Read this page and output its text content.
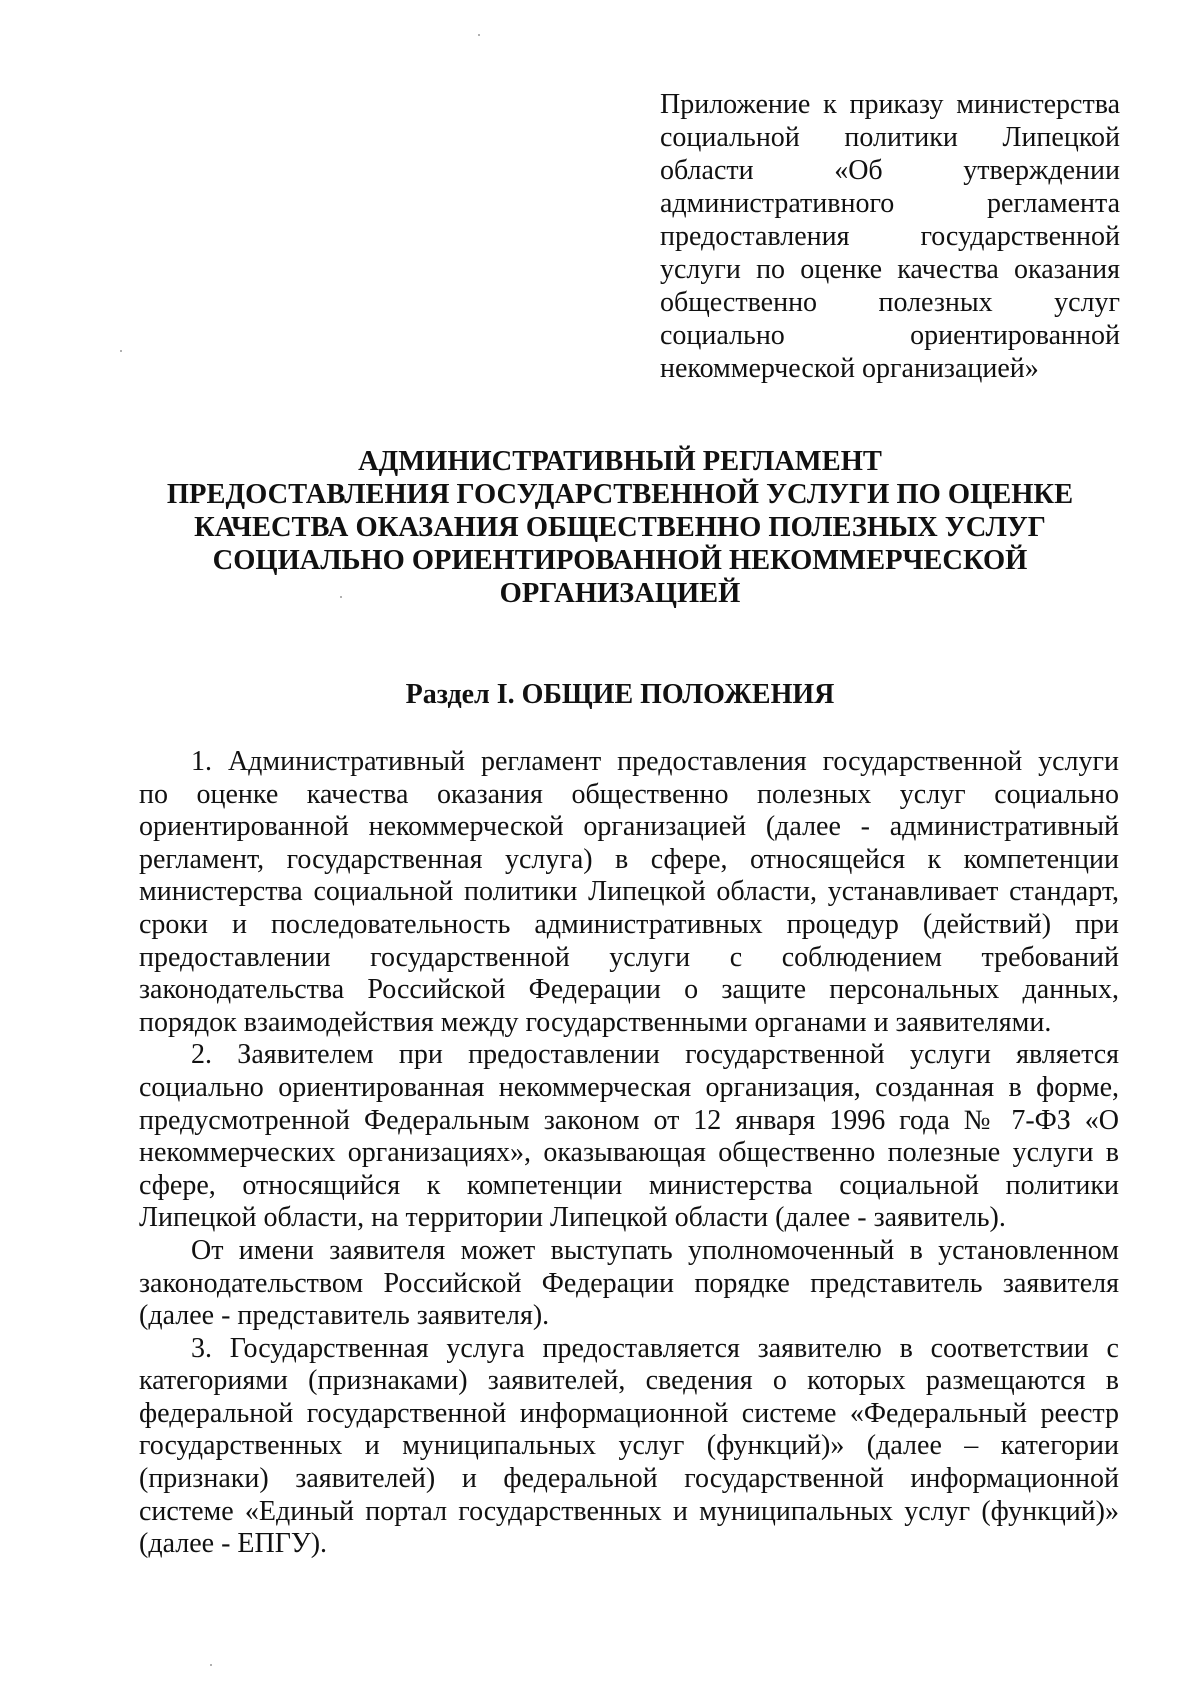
Приложение к приказу министерства
социальной политики Липецкой
области «Об утверждении
административного регламента
предоставления государственной
услуги по оценке качества оказания
общественно полезных услуг
социально ориентированной
некоммерческой организацией»
АДМИНИСТРАТИВНЫЙ РЕГЛАМЕНТ
ПРЕДОСТАВЛЕНИЯ ГОСУДАРСТВЕННОЙ УСЛУГИ ПО ОЦЕНКЕ
КАЧЕСТВА ОКАЗАНИЯ ОБЩЕСТВЕННО ПОЛЕЗНЫХ УСЛУГ
СОЦИАЛЬНО ОРИЕНТИРОВАННОЙ НЕКОММЕРЧЕСКОЙ
ОРГАНИЗАЦИЕЙ
Раздел I. ОБЩИЕ ПОЛОЖЕНИЯ
1. Административный регламент предоставления государственной услуги
по оценке качества оказания общественно полезных услуг социально
ориентированной некоммерческой организацией (далее - административный
регламент, государственная услуга) в сфере, относящейся к компетенции
министерства социальной политики Липецкой области, устанавливает стандарт,
сроки и последовательность административных процедур (действий) при
предоставлении государственной услуги с соблюдением требований
законодательства Российской Федерации о защите персональных данных,
порядок взаимодействия между государственными органами и заявителями.
2. Заявителем при предоставлении государственной услуги является
социально ориентированная некоммерческая организация, созданная в форме,
предусмотренной Федеральным законом от 12 января 1996 года № 7-ФЗ «О
некоммерческих организациях», оказывающая общественно полезные услуги в
сфере, относящийся к компетенции министерства социальной политики
Липецкой области, на территории Липецкой области (далее - заявитель).
От имени заявителя может выступать уполномоченный в установленном
законодательством Российской Федерации порядке представитель заявителя
(далее - представитель заявителя).
3. Государственная услуга предоставляется заявителю в соответствии с
категориями (признаками) заявителей, сведения о которых размещаются в
федеральной государственной информационной системе «Федеральный реестр
государственных и муниципальных услуг (функций)» (далее – категории
(признаки) заявителей) и федеральной государственной информационной
системе «Единый портал государственных и муниципальных услуг (функций)»
(далее - ЕПГУ).
